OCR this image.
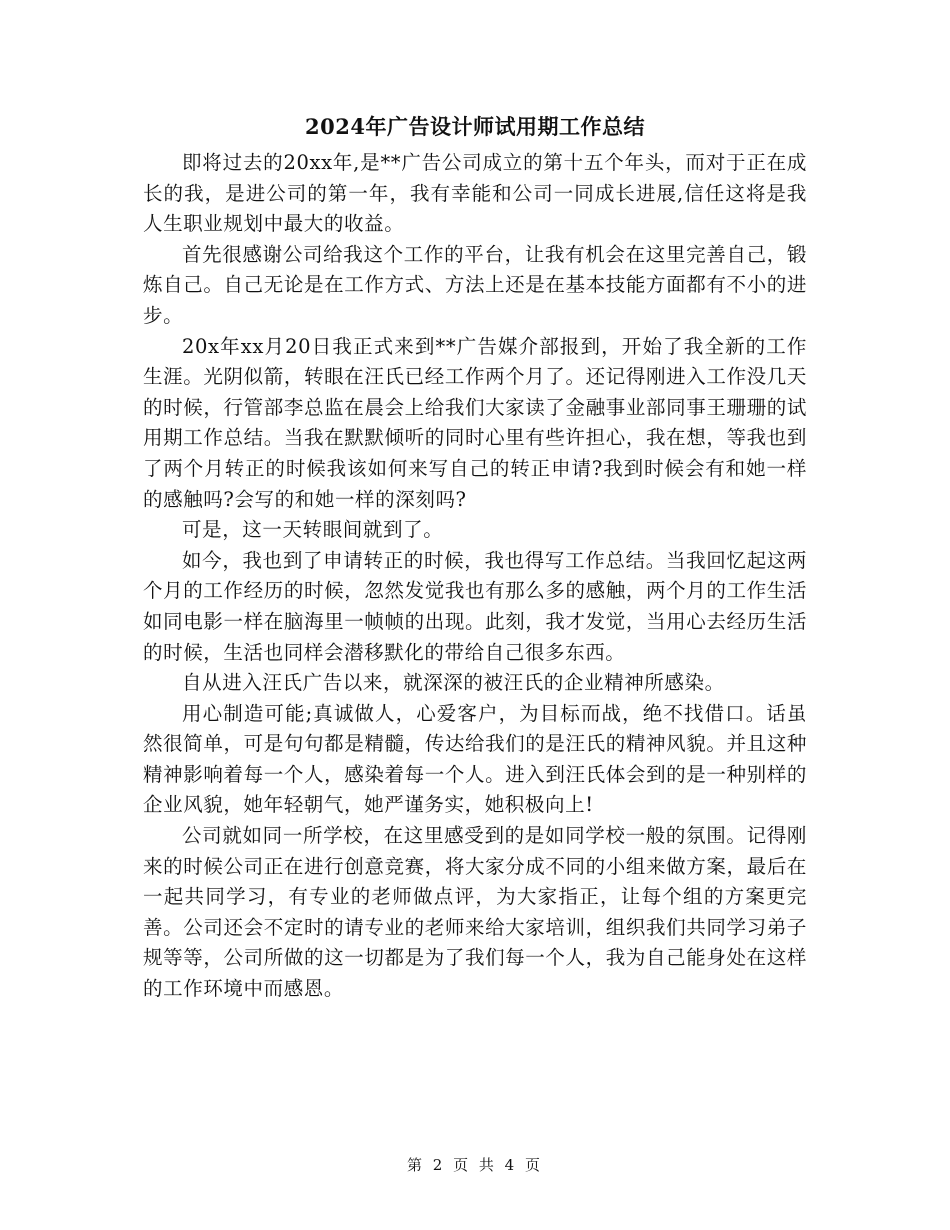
2024年广告设计师试用期工作总结

即将过去的20xx年,是**广告公司成立的第十五个年头，而对于正在成长的我，是进公司的第一年，我有幸能和公司一同成长进展,信任这将是我人生职业规划中最大的收益。

首先很感谢公司给我这个工作的平台，让我有机会在这里完善自己，锻炼自己。自己无论是在工作方式、方法上还是在基本技能方面都有不小的进步。

20x年xx月20日我正式来到**广告媒介部报到，开始了我全新的工作生涯。光阴似箭，转眼在汪氏已经工作两个月了。还记得刚进入工作没几天的时候，行管部李总监在晨会上给我们大家读了金融事业部同事王珊珊的试用期工作总结。当我在默默倾听的同时心里有些许担心，我在想，等我也到了两个月转正的时候我该如何来写自己的转正申请?我到时候会有和她一样的感触吗?会写的和她一样的深刻吗?

可是，这一天转眼间就到了。

如今，我也到了申请转正的时候，我也得写工作总结。当我回忆起这两个月的工作经历的时候，忽然发觉我也有那么多的感触，两个月的工作生活如同电影一样在脑海里一帧帧的出现。此刻，我才发觉，当用心去经历生活的时候，生活也同样会潜移默化的带给自己很多东西。

自从进入汪氏广告以来，就深深的被汪氏的企业精神所感染。

用心制造可能;真诚做人，心爱客户，为目标而战，绝不找借口。话虽然很简单，可是句句都是精髓，传达给我们的是汪氏的精神风貌。并且这种精神影响着每一个人，感染着每一个人。进入到汪氏体会到的是一种别样的企业风貌，她年轻朝气，她严谨务实，她积极向上!

公司就如同一所学校，在这里感受到的是如同学校一般的氛围。记得刚来的时候公司正在进行创意竞赛，将大家分成不同的小组来做方案，最后在一起共同学习，有专业的老师做点评，为大家指正，让每个组的方案更完善。公司还会不定时的请专业的老师来给大家培训，组织我们共同学习弟子规等等，公司所做的这一切都是为了我们每一个人，我为自己能身处在这样的工作环境中而感恩。

第 2 页 共 4 页
